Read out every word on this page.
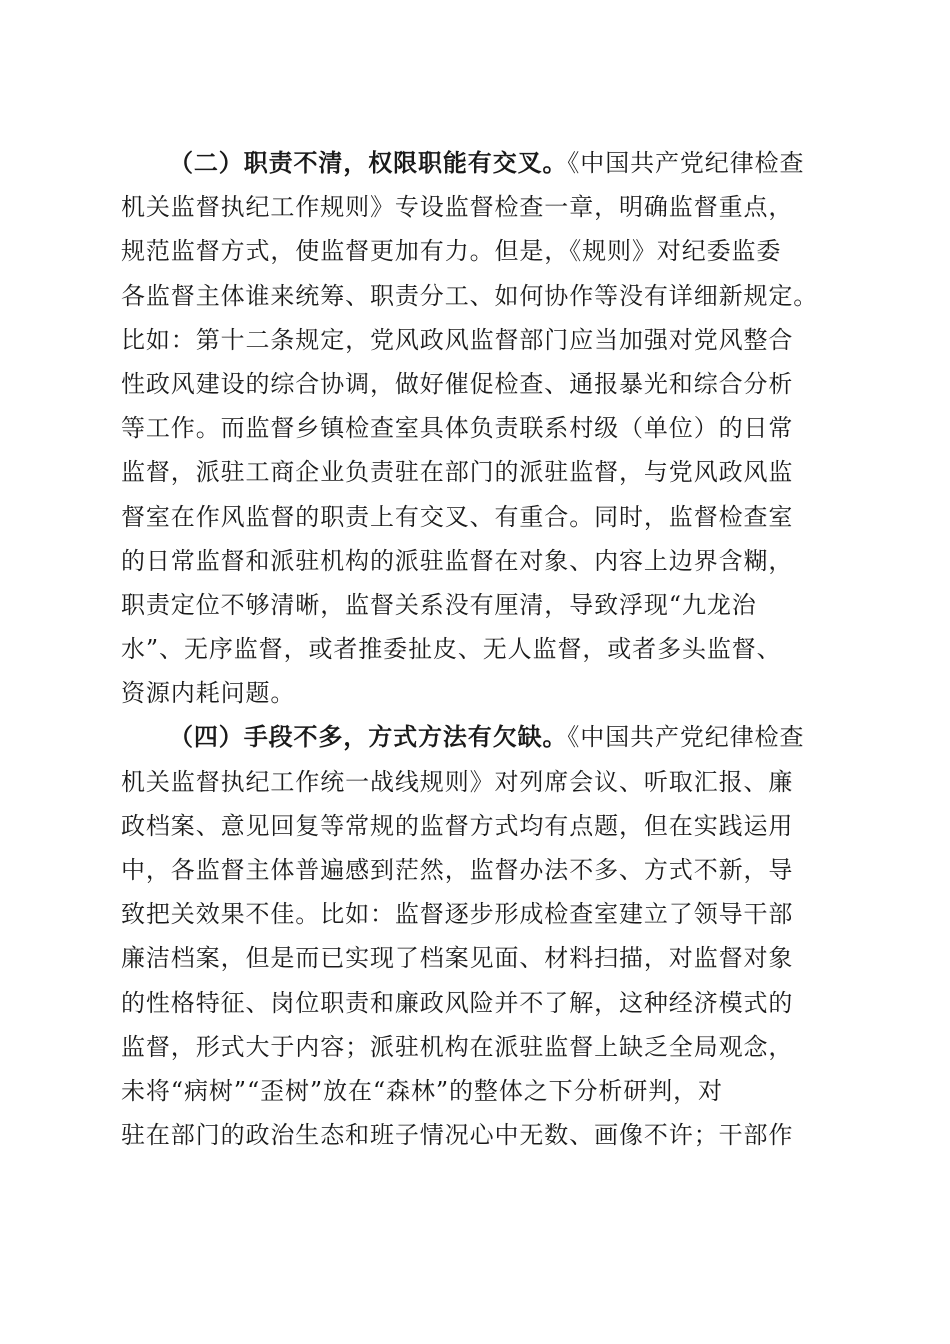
（二）职责不清，权限职能有交叉。《中国共产党纪律检查
机关监督执纪工作规则》专设监督检查一章，明确监督重点，
规范监督方式，使监督更加有力。但是，《规则》对纪委监委
各监督主体谁来统筹、职责分工、如何协作等没有详细新规定。
比如：第十二条规定，党风政风监督部门应当加强对党风整合
性政风建设的综合协调，做好催促检查、通报暴光和综合分析
等工作。而监督乡镇检查室具体负责联系村级（单位）的日常
监督，派驻工商企业负责驻在部门的派驻监督，与党风政风监
督室在作风监督的职责上有交叉、有重合。同时，监督检查室
的日常监督和派驻机构的派驻监督在对象、内容上边界含糊，
职责定位不够清晰，监督关系没有厘清，导致浮现“九龙治
水”、无序监督，或者推委扯皮、无人监督，或者多头监督、
资源内耗问题。
（四）手段不多，方式方法有欠缺。《中国共产党纪律检查
机关监督执纪工作统一战线规则》对列席会议、听取汇报、廉
政档案、意见回复等常规的监督方式均有点题，但在实践运用
中，各监督主体普遍感到茫然，监督办法不多、方式不新，导
致把关效果不佳。比如：监督逐步形成检查室建立了领导干部
廉洁档案，但是而已实现了档案见面、材料扫描，对监督对象
的性格特征、岗位职责和廉政风险并不了解，这种经济模式的
监督，形式大于内容；派驻机构在派驻监督上缺乏全局观念，
未将“病树”“歪树”放在“森林”的整体之下分析研判，对
驻在部门的政治生态和班子情况心中无数、画像不许；干部作
